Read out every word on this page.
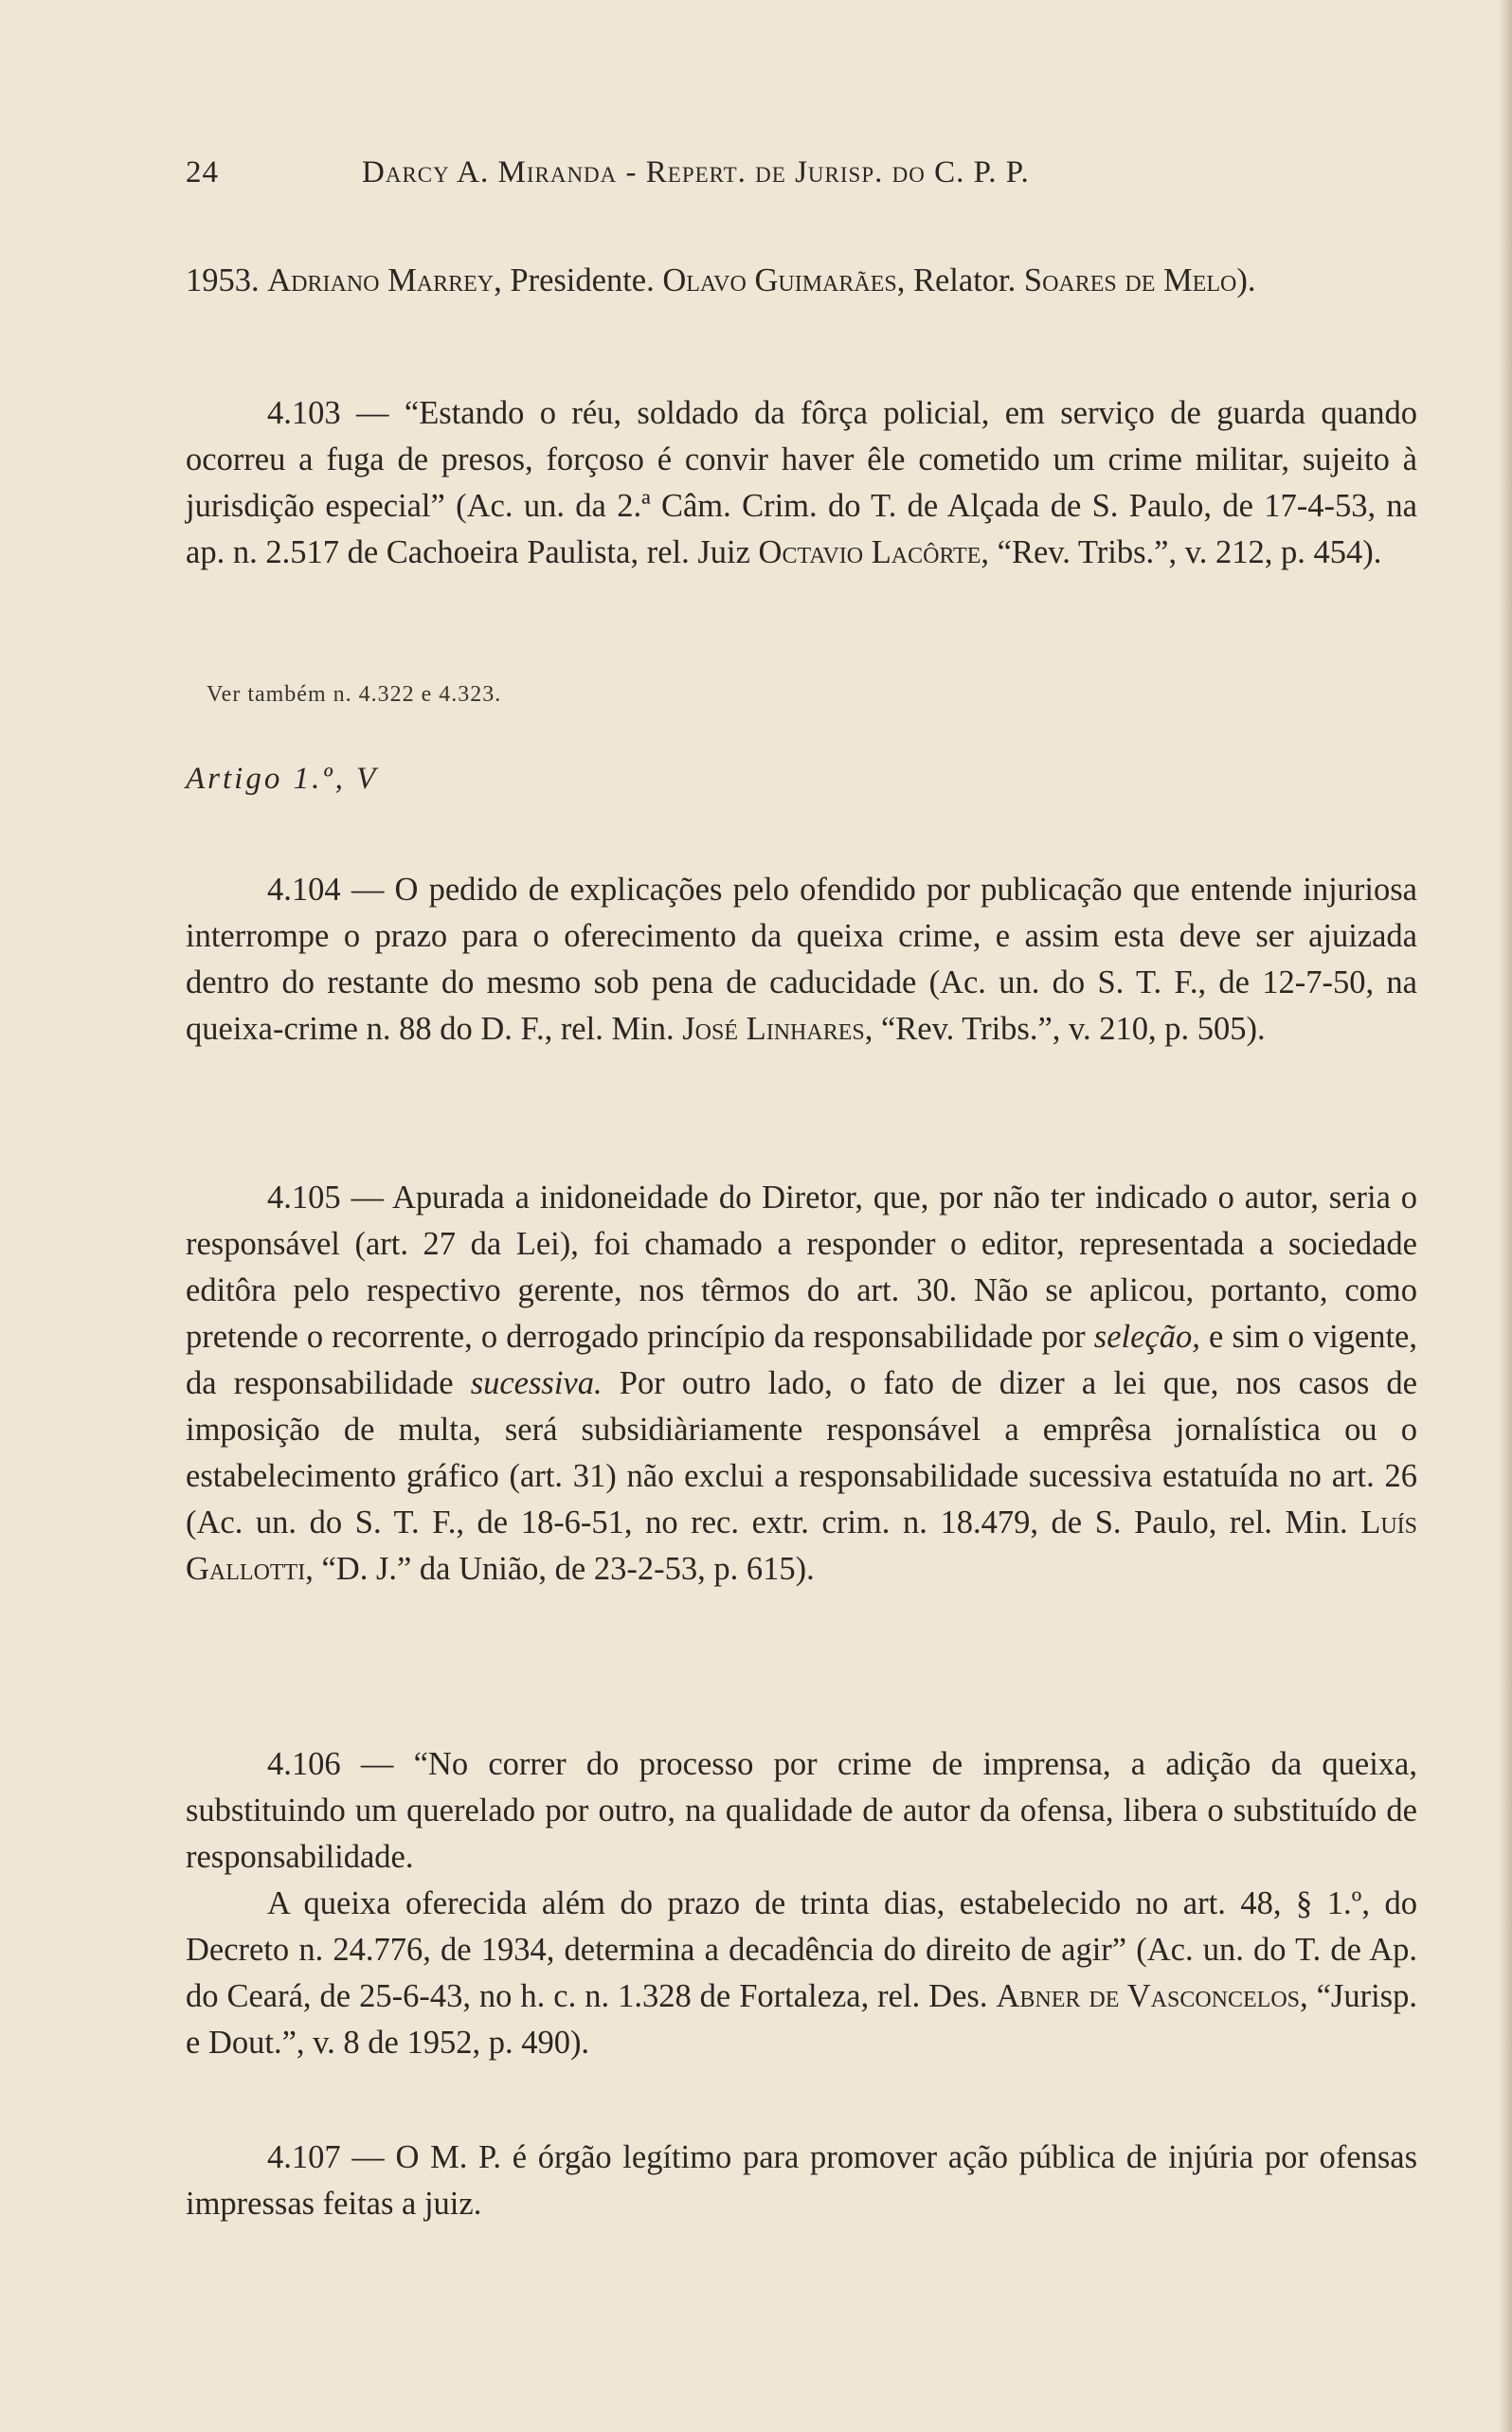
24	Darcy A. Miranda - Repert. de Jurisp. do C. P. P.

1953. Adriano Marrey, Presidente. Olavo Guimarães, Relator. Soares de Melo).

4.103 — “Estando o réu, soldado da fôrça policial, em serviço de guarda quando ocorreu a fuga de presos, forçoso é convir haver êle cometido um crime militar, sujeito à jurisdição especial” (Ac. un. da 2.ª Câm. Crim. do T. de Alçada de S. Paulo, de 17-4-53, na ap. n. 2.517 de Cachoeira Paulista, rel. Juiz Octavio Lacôrte, “Rev. Tribs.”, v. 212, p. 454).

Ver também n. 4.322 e 4.323.
Artigo 1.º, V

4.104 — O pedido de explicações pelo ofendido por publicação que entende injuriosa interrompe o prazo para o oferecimento da queixa crime, e assim esta deve ser ajuizada dentro do restante do mesmo sob pena de caducidade (Ac. un. do S. T. F., de 12-7-50, na queixa-crime n. 88 do D. F., rel. Min. José Linhares, “Rev. Tribs.”, v. 210, p. 505).

4.105 — Apurada a inidoneidade do Diretor, que, por não ter indicado o autor, seria o responsável (art. 27 da Lei), foi chamado a responder o editor, representada a sociedade editôra pelo respectivo gerente, nos têrmos do art. 30. Não se aplicou, portanto, como pretende o recorrente, o derrogado princípio da responsabilidade por seleção, e sim o vigente, da responsabilidade sucessiva. Por outro lado, o fato de dizer a lei que, nos casos de imposição de multa, será subsidiàriamente responsável a emprêsa jornalística ou o estabelecimento gráfico (art. 31) não exclui a responsabilidade sucessiva estatuída no art. 26 (Ac. un. do S. T. F., de 18-6-51, no rec. extr. crim. n. 18.479, de S. Paulo, rel. Min. Luís Gallotti, “D. J.” da União, de 23-2-53, p. 615).

4.106 — “No correr do processo por crime de imprensa, a adição da queixa, substituindo um querelado por outro, na qualidade de autor da ofensa, libera o substituído de responsabilidade.

A queixa oferecida além do prazo de trinta dias, estabelecido no art. 48, § 1.º, do Decreto n. 24.776, de 1934, determina a decadência do direito de agir” (Ac. un. do T. de Ap. do Ceará, de 25-6-43, no h. c. n. 1.328 de Fortaleza, rel. Des. Abner de Vasconcelos, “Jurisp. e Dout.”, v. 8 de 1952, p. 490).

4.107 — O M. P. é órgão legítimo para promover ação pública de injúria por ofensas impressas feitas a juiz.
